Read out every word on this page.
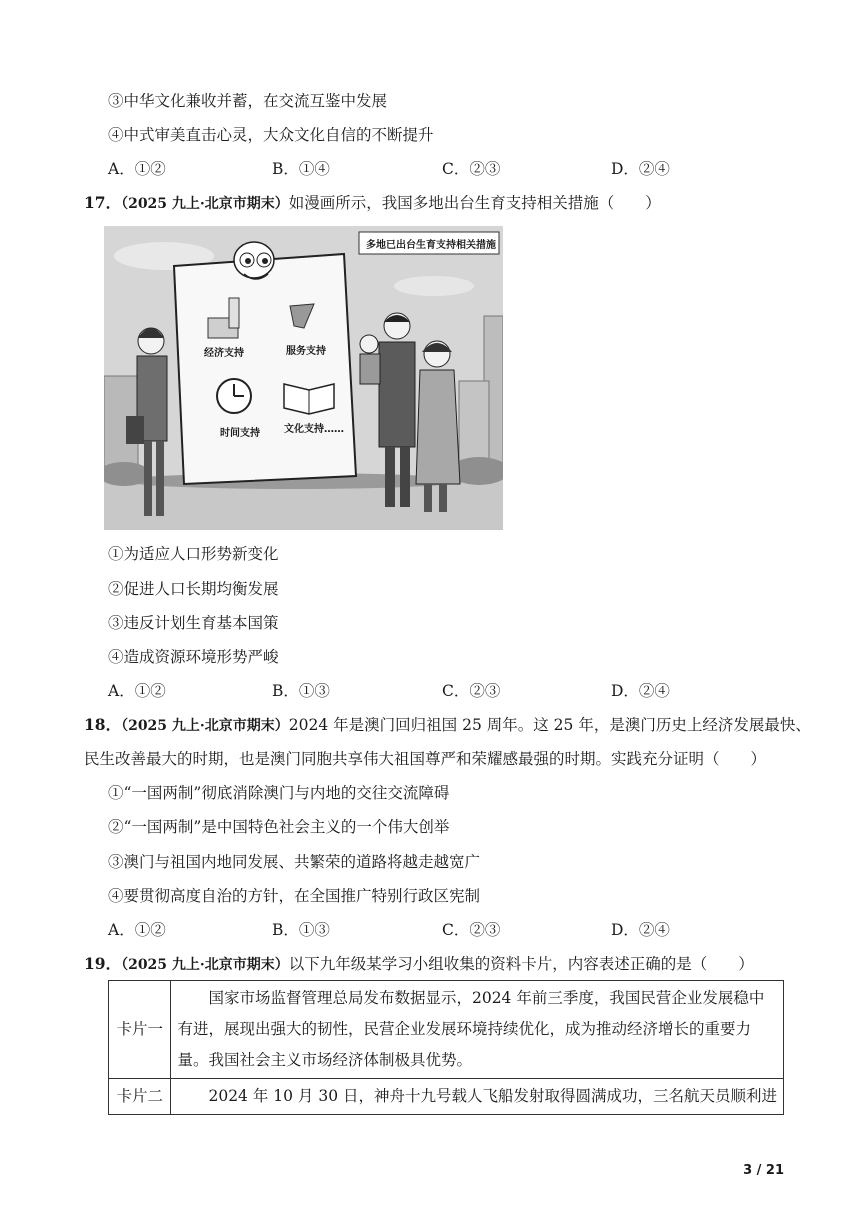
③中华文化兼收并蓄，在交流互鉴中发展
④中式审美直击心灵，大众文化自信的不断提升
A．①②	B．①④	C．②③	D．②④
17．（2025 九上·北京市期末）如漫画所示，我国多地出台生育支持相关措施（　　）
多地已出台生育支持相关措施
经济支持	服务支持
时间支持 文化支持……
①为适应人口形势新变化
②促进人口长期均衡发展
③违反计划生育基本国策
④造成资源环境形势严峻
A．①②	B．①③	C．②③	D．②④
18．（2025 九上·北京市期末）2024 年是澳门回归祖国 25 周年。这 25 年，是澳门历史上经济发展最快、
民生改善最大的时期，也是澳门同胞共享伟大祖国尊严和荣耀感最强的时期。实践充分证明（　　）
①“一国两制”彻底消除澳门与内地的交往交流障碍
②“一国两制”是中国特色社会主义的一个伟大创举
③澳门与祖国内地同发展、共繁荣的道路将越走越宽广
④要贯彻高度自治的方针，在全国推广特别行政区宪制
A．①②	B．①③	C．②③	D．②④
19．（2025 九上·北京市期末）以下九年级某学习小组收集的资料卡片，内容表述正确的是（　　）
卡片一	国家市场监督管理总局发布数据显示，2024 年前三季度，我国民营企业发展稳中有进，展现出强大的韧性，民营企业发展环境持续优化，成为推动经济增长的重要力量。我国社会主义市场经济体制极具优势。
卡片二	2024 年 10 月 30 日，神舟十九号载人飞船发射取得圆满成功，三名航天员顺利进
3 / 21
